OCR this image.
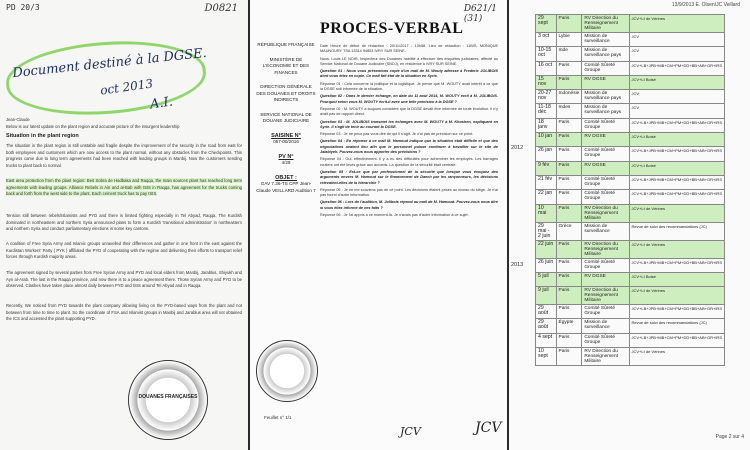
PD 20/3	D0821
Document destiné à la DGSE.
oct 2013
A.I.
Jean-Claude
Below is our latest update on the plant region and accurate picture of the insurgent leadership
Situation in the plant region
The situation in the plant region is still unstable and fragile despite the improvement of the security in the road from east for both employees and customers which are now access to the plant normal, without any obstacles from the Checkpoints. This progress came due to long term agreements had been reached with leading groups in Manbij. Now the customers sending trucks to plant back to normal.
East area protection from the plant region: Beit Sobra de Hadbaka and Raqqa, the main sources plant has reached long term agreements with leading groups. Alliance Rebels in Ain and al-Bab with ISIS in Raqqa, has agreement for the trucks coming back and forth from the west side to the plant. Each cement truck has to pay ISIS.
Tension still between rebels/Islamists and PYD and there is limited fighting especially in Tel Abyad, Raqqa. The Kurdish dominated in northeastern and northern Syria announced plans to form a Kurdish 'transitional administration' in northeastern and northern Syria and conduct parliamentary elections in some key cantons.
A coalition of Free Syria Army and Islamic groups unravelled their differences and gather in one front in the east against the Kurdistan Workers' Party ( PYK ) affiliated the PYD of cooperating with the regime and delivering their efforts to transport relief forces through Kurdish majority areas.
The agreement signed by several parties from Free Syrian Army and PYD and local elders from Manbij, Jarablus, Shiyukh and Ayn al-Arab. The last in the Raqqa province, and now there is to a peace agreement there. Those Syrian Army and PYD to be observed. Clashes have taken place almost daily between PYD and ISIS around Tel Abyad and in Raqqa.
Recently, We noticed from PYD towards the plant company allowing living on the PYD-based ways from the plant and not between from time to time to plant. So the coordinate of FSA and Islamist groups in Manbij and Jarablus area will not obtained the ICS and accessed the plant supporting PYD.
DOUANES FRANÇAISES
D621/1
(31)
RÉPUBLIQUE FRANÇAISE
MINISTÈRE DE L'ÉCONOMIE ET DES FINANCES
DIRECTION GÉNÉRALE DES DOUANES ET DROITS INDIRECTS
SERVICE NATIONAL DE DOUANE JUDICIAIRE
SAISINE N°
057-00/2016
PV N°
4/29
OBJET :
GAV 7.36-TS CPP Jean-Claude VEILLARD Audition 7
Feuillet n° 1/1
PROCES-VERBAL

Date Heure de début de rédaction : 20/11/2017 - 10h58. Lieu de rédaction : 11BIS, MONIQUE MAUNOURY TSA 13314 94853 IVRY SUR SEINE.

Nous, Louis LE NOIR, Inspecteur des Douanes habilité à effectuer des enquêtes judiciaires, affecté au Service National de Douane Judiciaire (SNDJ), en résidence à IVRY SUR SEINE.

Question 01 : Nous vous présentons copie d'un mail de M. Wouty adressé à Frederic JOLIBOIS dont vous étiez en copie. Ce mail fait état de la situation en Syrie.

Réponse 01 : Cela concerne la politique et la logistique. Je pense que M. WOUTY avait intérêt à ce que la DGSE soit informée de la situation.

Question 02 : Dans le dernier échange, en date du 11 août 2014, M. WOUTY écrit à M. JOLIBOIS. Pourquoi selon vous M. WOUTY écrit-il avec une telle précision à la DGSE ?

Réponse 02 : M. WOUTY a toujours considéré que la DGSE devait être informée de toute évolution. Il n'y avait pas de rapport direct.

Question 03 : M. JOLIBOIS transmet les échanges avec M. WOUTY à M. Khoshen, expliquant en Syrie. Il s'agit de tenir au courant la DGSE.

Réponse 03 : Je ne peux pas vous dire de qui il s'agit. Je n'ai pas de précision sur ce point.

Question 04 : En réponse à ce mail M. Hamoud indique que la situation était difficile et que des négociations avaient lieu afin que le personnel puisse continuer à travailler sur le site de Jalabiyeh. Pouvez-vous nous apporter des précisions ?

Réponse 04 : Oui, effectivement. Il y a eu des difficultés pour acheminer les employés. Les barrages routiers ont été levés grâce aux accords. La question de la sécurité était centrale.

Question 05 : Est-ce que par professionnel de la sécurité que lorsque vous évoquez des arguments envers M. Hamoud sur le financement de Daech par les rançonneurs, les décisions relevaient-elles de la hiérarchie ?

Réponse 05 : Je ne me souviens pas de ce point. Les décisions étaient prises au niveau du siège. Je n'ai pas fourni d'autre information.

Question 06 : Lors de l'audition, M. Jolibois répond au mail de M. Hamoud. Pouvez-vous nous dire si vous étiez informé de ces faits ?

Réponse 06 : Je l'ai appris à ce moment-là. Je n'avais pas d'autre information à ce sujet.

JCV	JCV
13/9/2013 E. Olsen/JC Veillard
2012
2013
29 sept	Paris	RV Direction du Renseignement Militaire	JCV+Lt de Vérines
3 oct	Lybie	Mission de surveillance	JCV
10-15 oct	Inde	Mission de surveillance pays	JCV
16 oct	Paris	Comité Sûreté Groupe	JCV+LB+JPB+MB+CM+PM+DD+BB+AB+GR+IRS
15 nov	Paris	RV DGSE	JCV+Lt Boisé
20-27 nov	Indonésie	Mission de surveillance pays	JCV
11-18 déc	Indes	Mission de surveillance pays	JCV
18 janv	Paris	Comité Sûreté Groupe	JCV+LB+JPB+MB+CM+PM+DD+BB+AB+GR+IRS
10 jan	Paris	RV DGSE	JCV+Lt Boisé
26 jan	Paris	Comité Sûreté Groupe	JCV+LB+JPB+MB+CM+PM+DD+BB+AB+GR+IRS
9 fév	Paris	RV DGSE	JCV+Lt Boisé
21 fév	Paris	Comité Sûreté Groupe	JCV+LB+JPB+MB+CM+PM+DD+BB+AB+GR+IRS
22 jan	Paris	Comité Sûreté Groupe	JCV+LB+JPB+MB+CM+PM+DD+BB+AB+GR+IRS
10 mai	Paris	RV Direction du Renseignement Militaire	JCV+Lt de Vérines
29 mai - 2 juin	Grèce	Mission de surveillance	Revue de suivi des recommandations (JC)
22 juin	Paris	RV Direction du Renseignement Militaire	JCV+Lt de Vérines
26 juin	Paris	Comité Sûreté Groupe	JCV+LB+JPB+MB+CM+PM+DD+BB+AB+GR+IRS
5 juil	Paris	RV DGSE	JCV+Lt Boisé
9 juil	Paris	RV Direction du Renseignement Militaire	JCV+Lt de Vérines
29 août	Paris	Comité Sûreté Groupe	JCV+LB+JPB+MB+CM+PM+DD+BB+AB+GR+IRS
29 août	Égypte	Mission de surveillance	Revue de suivi des recommandations (JC)
4 sept	Paris	Comité Sûreté Groupe	JCV+LB+JPB+MB+CM+PM+DD+BB+AB+GR+IRS
10 sept	Paris	RV Direction du Renseignement Militaire	JCV+Lt de Vérines
Page 2 sur 4
